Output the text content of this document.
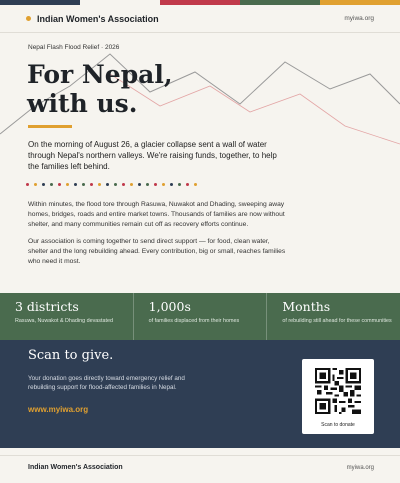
Indian Women's Association	myiwa.org
Nepal Flash Flood Relief · 2026
For Nepal,
with us.

On the morning of August 26, a glacier collapse sent a wall of water through Nepal's northern valleys. We're raising funds, together, to help the families left behind.

Within minutes, the flood tore through Rasuwa, Nuwakot and Dhading, sweeping away homes, bridges, roads and entire market towns. Thousands of families are now without shelter, and many communities remain cut off as recovery efforts continue.

Our association is coming together to send direct support — for food, clean water, shelter and the long rebuilding ahead. Every contribution, big or small, reaches families who need it most.

3 districts
Rasuwa, Nuwakot & Dhading devastated
1,000s
of families displaced from their homes
Months
of rebuilding still ahead for these communities
Scan to give.

Your donation goes directly toward emergency relief and rebuilding support for flood-affected families in Nepal.

www.myiwa.org
Scan to donate
Indian Women's Association	myiwa.org
